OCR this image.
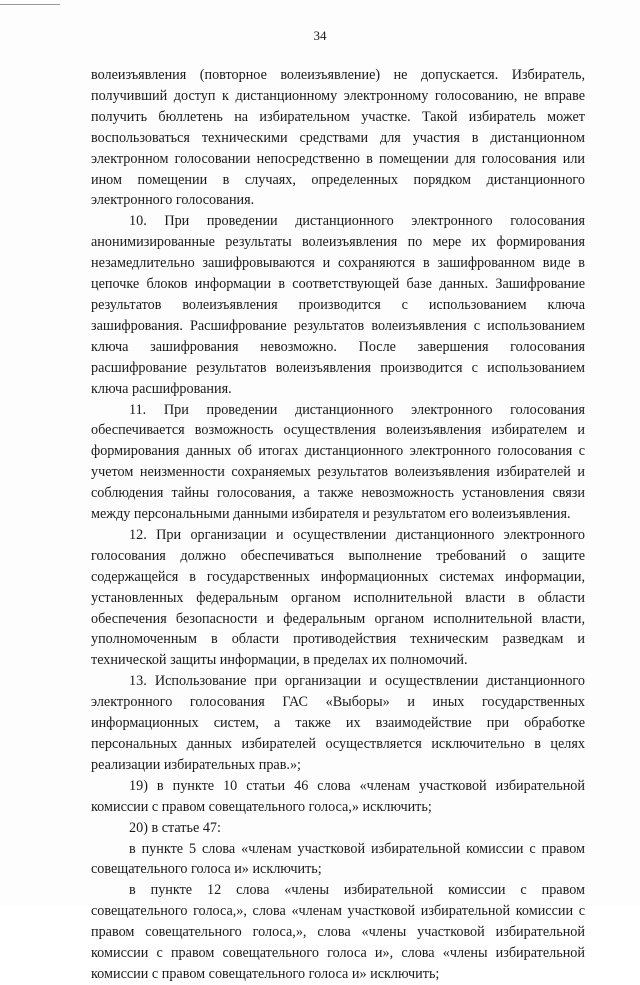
34

волеизъявления (повторное волеизъявление) не допускается. Избиратель, получивший доступ к дистанционному электронному голосованию, не вправе получить бюллетень на избирательном участке. Такой избиратель может воспользоваться техническими средствами для участия в дистанционном электронном голосовании непосредственно в помещении для голосования или ином помещении в случаях, определенных порядком дистанционного электронного голосования.

10. При проведении дистанционного электронного голосования анонимизированные результаты волеизъявления по мере их формирования незамедлительно зашифровываются и сохраняются в зашифрованном виде в цепочке блоков информации в соответствующей базе данных. Зашифрование результатов волеизъявления производится с использованием ключа зашифрования. Расшифрование результатов волеизъявления с использованием ключа зашифрования невозможно. После завершения голосования расшифрование результатов волеизъявления производится с использованием ключа расшифрования.

11. При проведении дистанционного электронного голосования обеспечивается возможность осуществления волеизъявления избирателем и формирования данных об итогах дистанционного электронного голосования с учетом неизменности сохраняемых результатов волеизъявления избирателей и соблюдения тайны голосования, а также невозможность установления связи между персональными данными избирателя и результатом его волеизъявления.

12. При организации и осуществлении дистанционного электронного голосования должно обеспечиваться выполнение требований о защите содержащейся в государственных информационных системах информации, установленных федеральным органом исполнительной власти в области обеспечения безопасности и федеральным органом исполнительной власти, уполномоченным в области противодействия техническим разведкам и технической защиты информации, в пределах их полномочий.

13. Использование при организации и осуществлении дистанционного электронного голосования ГАС «Выборы» и иных государственных информационных систем, а также их взаимодействие при обработке персональных данных избирателей осуществляется исключительно в целях реализации избирательных прав.»;

19) в пункте 10 статьи 46 слова «членам участковой избирательной комиссии с правом совещательного голоса,» исключить;

20) в статье 47:

в пункте 5 слова «членам участковой избирательной комиссии с правом совещательного голоса и» исключить;

в пункте 12 слова «члены избирательной комиссии с правом совещательного голоса,», слова «членам участковой избирательной комиссии с правом совещательного голоса,», слова «члены участковой избирательной комиссии с правом совещательного голоса и», слова «члены избирательной комиссии с правом совещательного голоса и» исключить;
